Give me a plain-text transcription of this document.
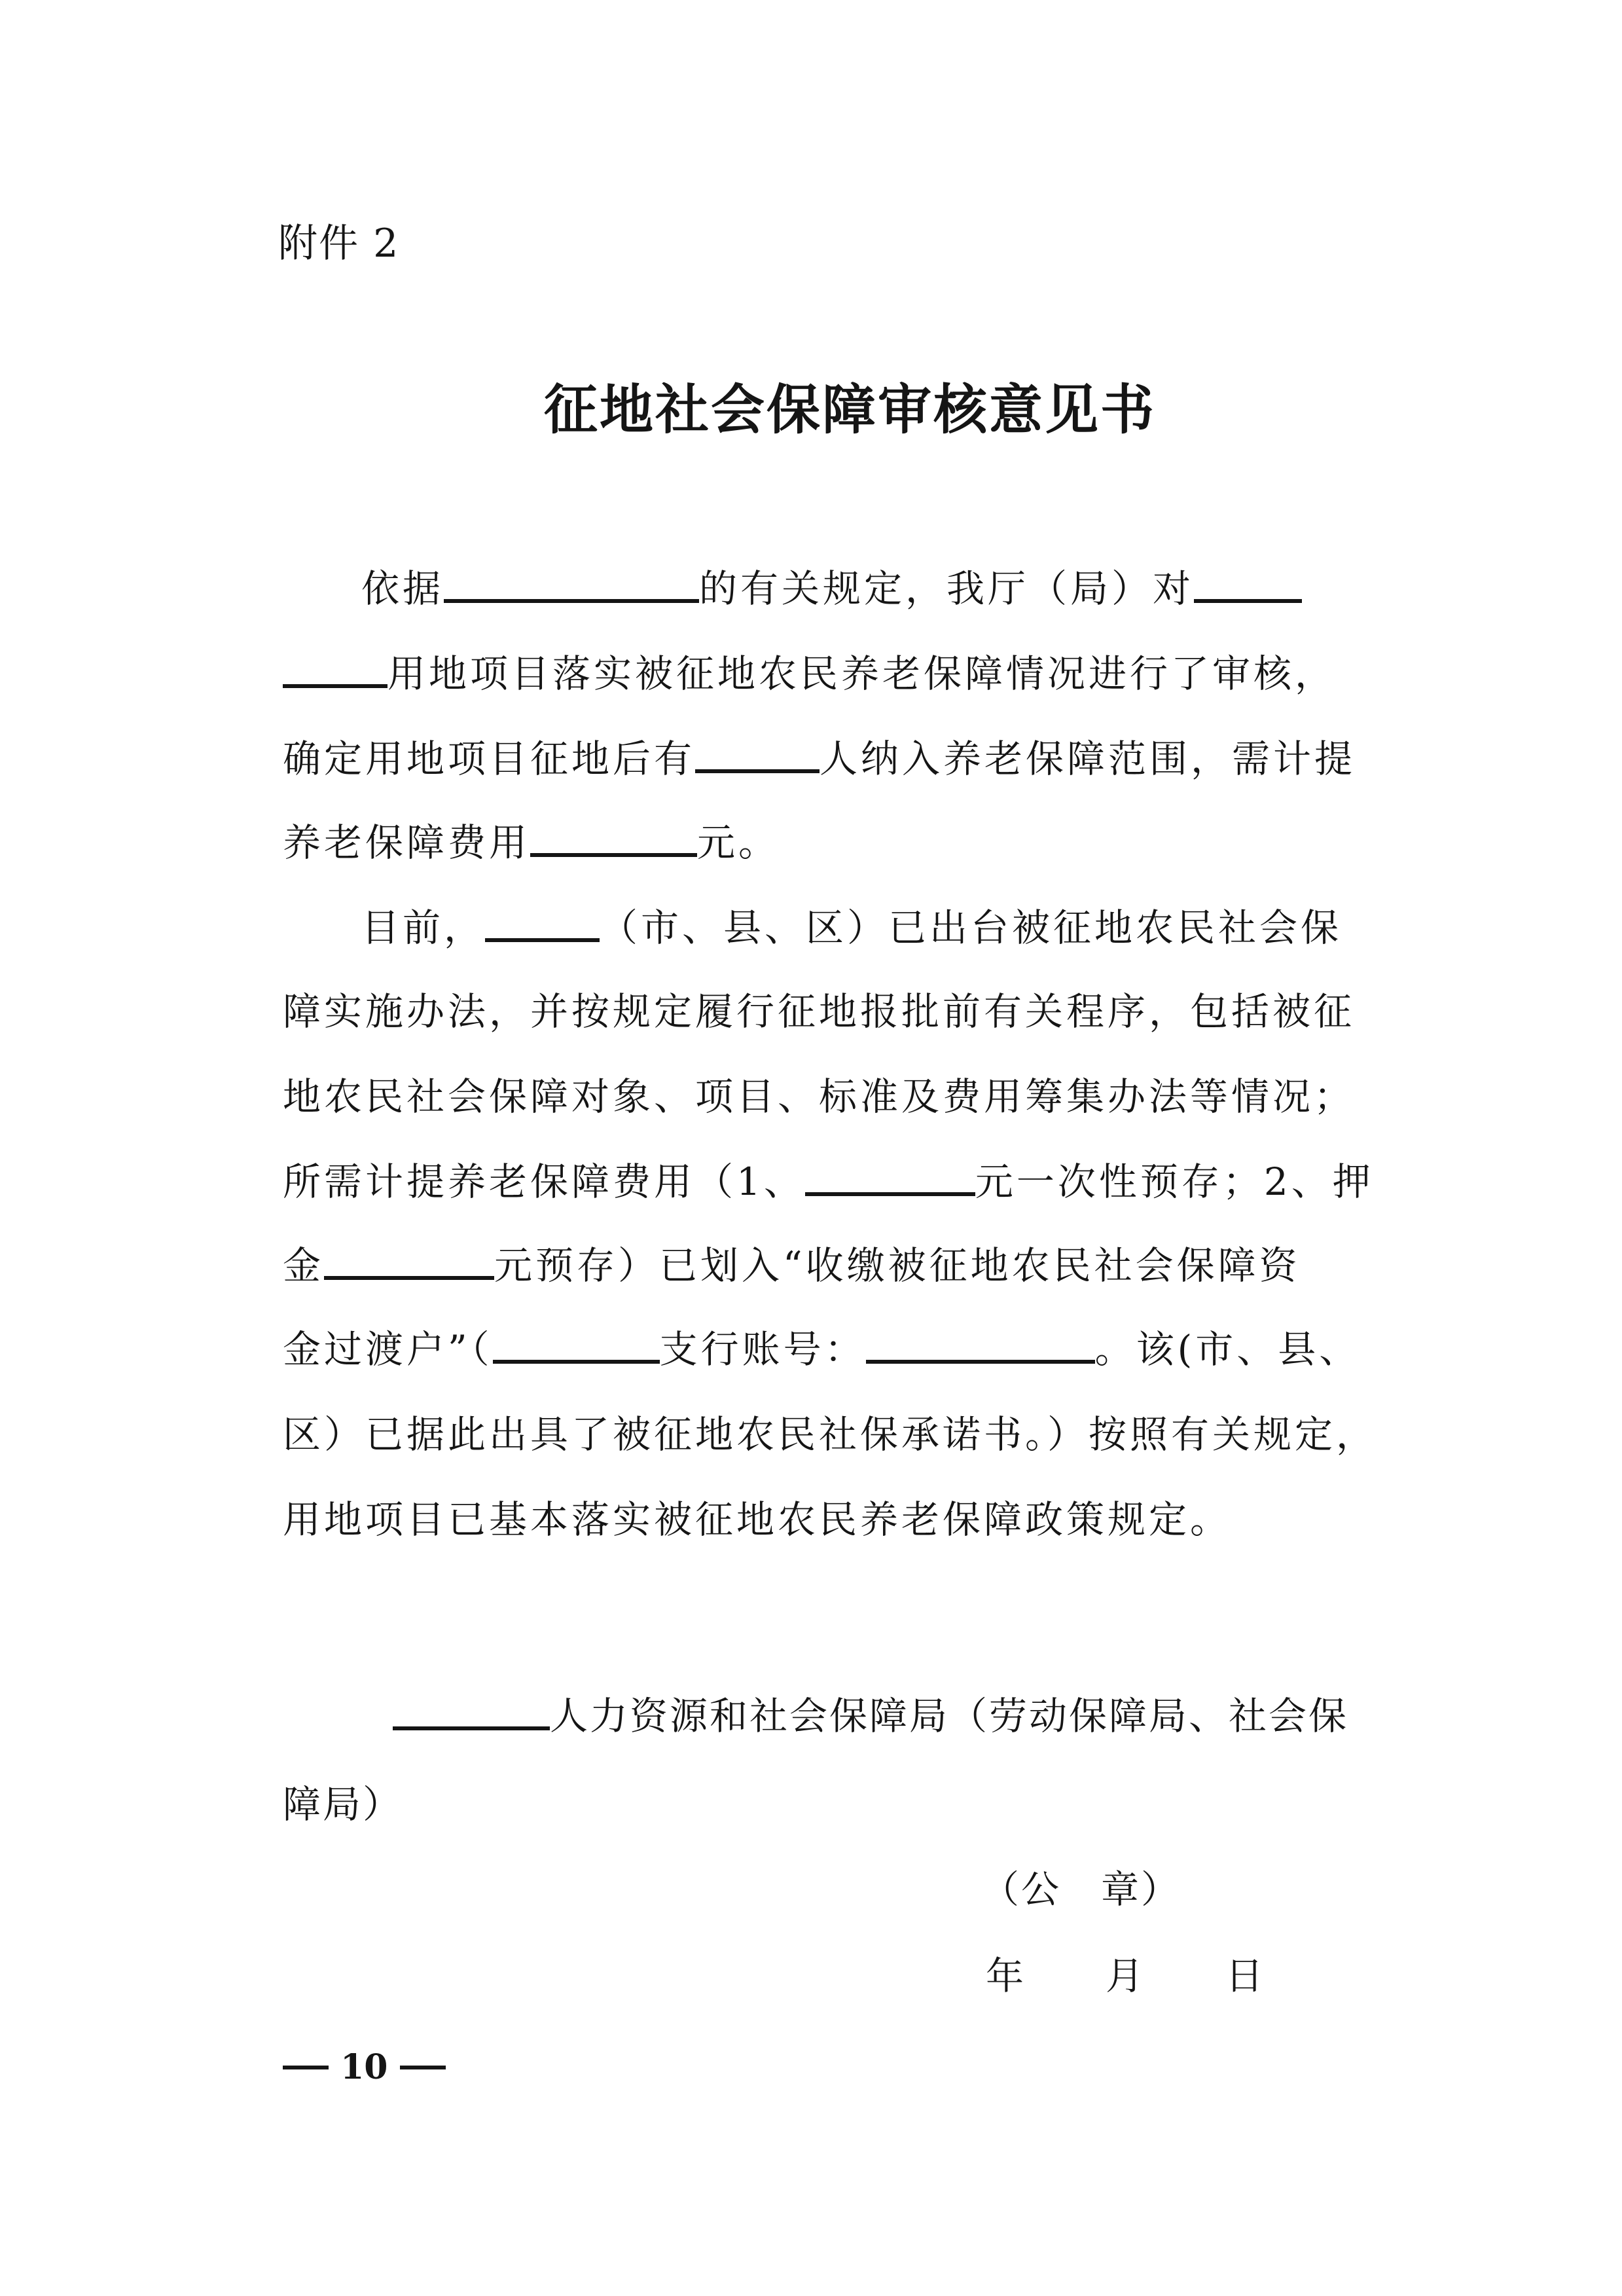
附件 2
征地社会保障审核意见书
依据	的有关规定，我厅（局）对
用地项目落实被征地农民养老保障情况进行了审核，
确定用地项目征地后有	人纳入养老保障范围，需计提
养老保障费用	元。
目前，	（市、县、区）已出台被征地农民社会保
障实施办法，并按规定履行征地报批前有关程序，包括被征
地农民社会保障对象、项目、标准及费用筹集办法等情况；
所需计提养老保障费用（1、	元一次性预存；2、押
金	元预存）已划入“收缴被征地农民社会保障资
金过渡户”（	支行账号：	。该(市、县、
区）已据此出具了被征地农民社保承诺书。）按照有关规定，
用地项目已基本落实被征地农民养老保障政策规定。
人力资源和社会保障局（劳动保障局、社会保
障局）
（公　章）
年　　月　　日
10
